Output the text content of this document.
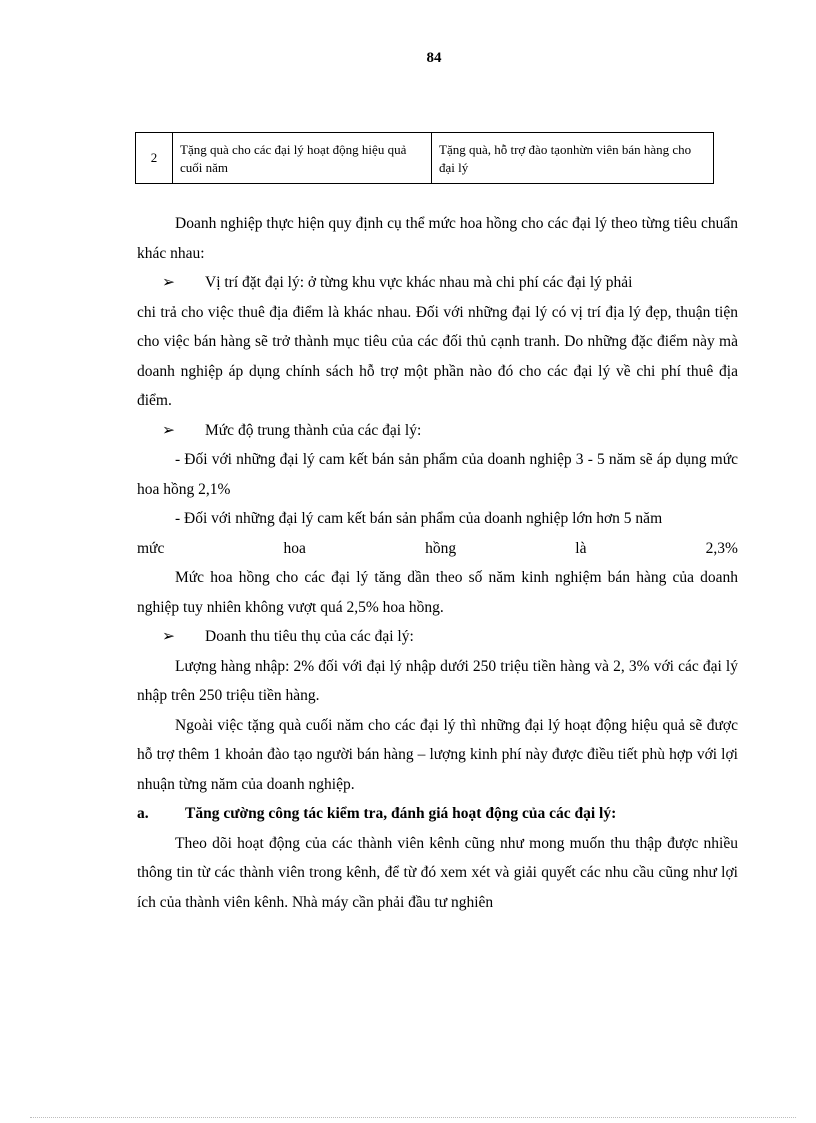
84
2	Tặng quà cho các đại lý hoạt động hiệu quả cuối năm	Tặng quà, hỗ trợ đào tạonhừn viên bán hàng cho đại lý

Doanh nghiệp thực hiện quy định cụ thể mức hoa hồng cho các đại lý theo từng tiêu chuẩn khác nhau:

➢	Vị trí đặt đại lý: ở từng khu vực khác nhau mà chi phí các đại lý phải

chi trả cho việc thuê địa điểm là khác nhau. Đối với những đại lý có vị trí địa lý đẹp, thuận tiện cho việc bán hàng sẽ trở thành mục tiêu của các đối thủ cạnh tranh. Do những đặc điểm này mà doanh nghiệp áp dụng chính sách hỗ trợ một phần nào đó cho các đại lý về chi phí thuê địa điểm.

➢	Mức độ trung thành của các đại lý:

- Đối với những đại lý cam kết bán sản phẩm của doanh nghiệp 3 - 5 năm sẽ áp dụng mức hoa hồng 2,1%

- Đối với những đại lý cam kết bán sản phẩm của doanh nghiệp lớn hơn 5 năm

mức	hoa	hồng	là	2,3%

Mức hoa hồng cho các đại lý tăng dần theo số năm kinh nghiệm bán hàng của doanh nghiệp tuy nhiên không vượt quá 2,5% hoa hồng.

➢	Doanh thu tiêu thụ của các đại lý:

Lượng hàng nhập: 2% đối với đại lý nhập dưới 250 triệu tiền hàng và 2, 3% với các đại lý nhập trên 250 triệu tiền hàng.

Ngoài việc tặng quà cuối năm cho các đại lý thì những đại lý hoạt động hiệu quả sẽ được hỗ trợ thêm 1 khoản đào tạo người bán hàng – lượng kinh phí này được điều tiết phù hợp với lợi nhuận từng năm của doanh nghiệp.

a.	Tăng cường công tác kiểm tra, đánh giá hoạt động của các đại lý:

Theo dõi hoạt động của các thành viên kênh cũng như mong muốn thu thập được nhiều thông tin từ các thành viên trong kênh, để từ đó xem xét và giải quyết các nhu cầu cũng như lợi ích của thành viên kênh. Nhà máy cần phải đầu tư nghiên
